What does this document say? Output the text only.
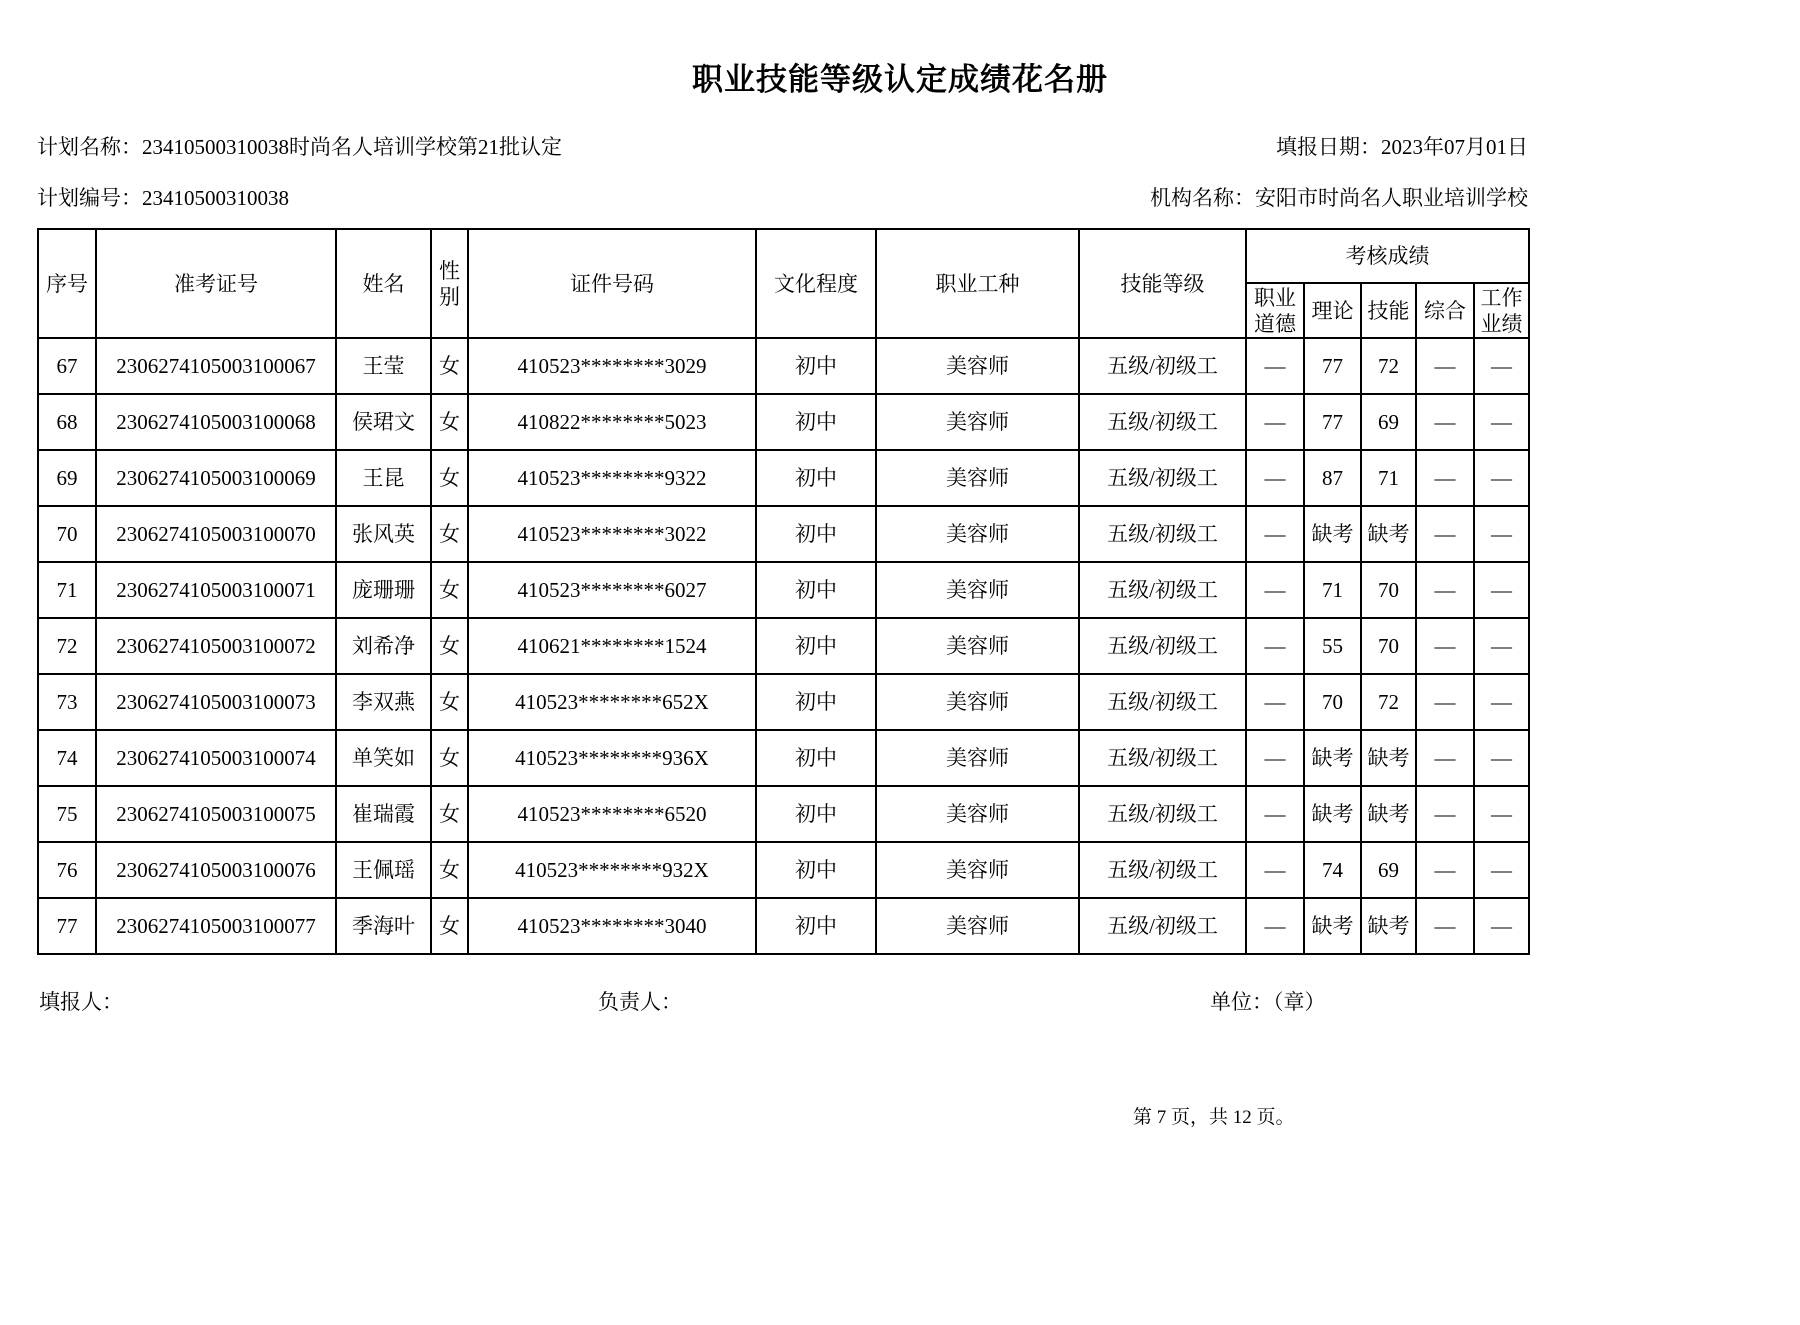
职业技能等级认定成绩花名册
计划名称：23410500310038时尚名人培训学校第21批认定	填报日期：2023年07月01日
计划编号：23410500310038	机构名称：安阳市时尚名人职业培训学校
序号	准考证号	姓名	性别	证件号码	文化程度	职业工种	技能等级	考核成绩				
								职业道德	理论	技能	综合	工作业绩
67	2306274105003100067	王莹	女	410523********3029	初中	美容师	五级/初级工	—	77	72	—	—
68	2306274105003100068	侯珺文	女	410822********5023	初中	美容师	五级/初级工	—	77	69	—	—
69	2306274105003100069	王昆	女	410523********9322	初中	美容师	五级/初级工	—	87	71	—	—
70	2306274105003100070	张风英	女	410523********3022	初中	美容师	五级/初级工	—	缺考	缺考	—	—
71	2306274105003100071	庞珊珊	女	410523********6027	初中	美容师	五级/初级工	—	71	70	—	—
72	2306274105003100072	刘希净	女	410621********1524	初中	美容师	五级/初级工	—	55	70	—	—
73	2306274105003100073	李双燕	女	410523********652X	初中	美容师	五级/初级工	—	70	72	—	—
74	2306274105003100074	单笑如	女	410523********936X	初中	美容师	五级/初级工	—	缺考	缺考	—	—
75	2306274105003100075	崔瑞霞	女	410523********6520	初中	美容师	五级/初级工	—	缺考	缺考	—	—
76	2306274105003100076	王佩瑶	女	410523********932X	初中	美容师	五级/初级工	—	74	69	—	—
77	2306274105003100077	季海叶	女	410523********3040	初中	美容师	五级/初级工	—	缺考	缺考	—	—
填报人：	负责人：	单位：（章）
第 7 页，共 12 页。
